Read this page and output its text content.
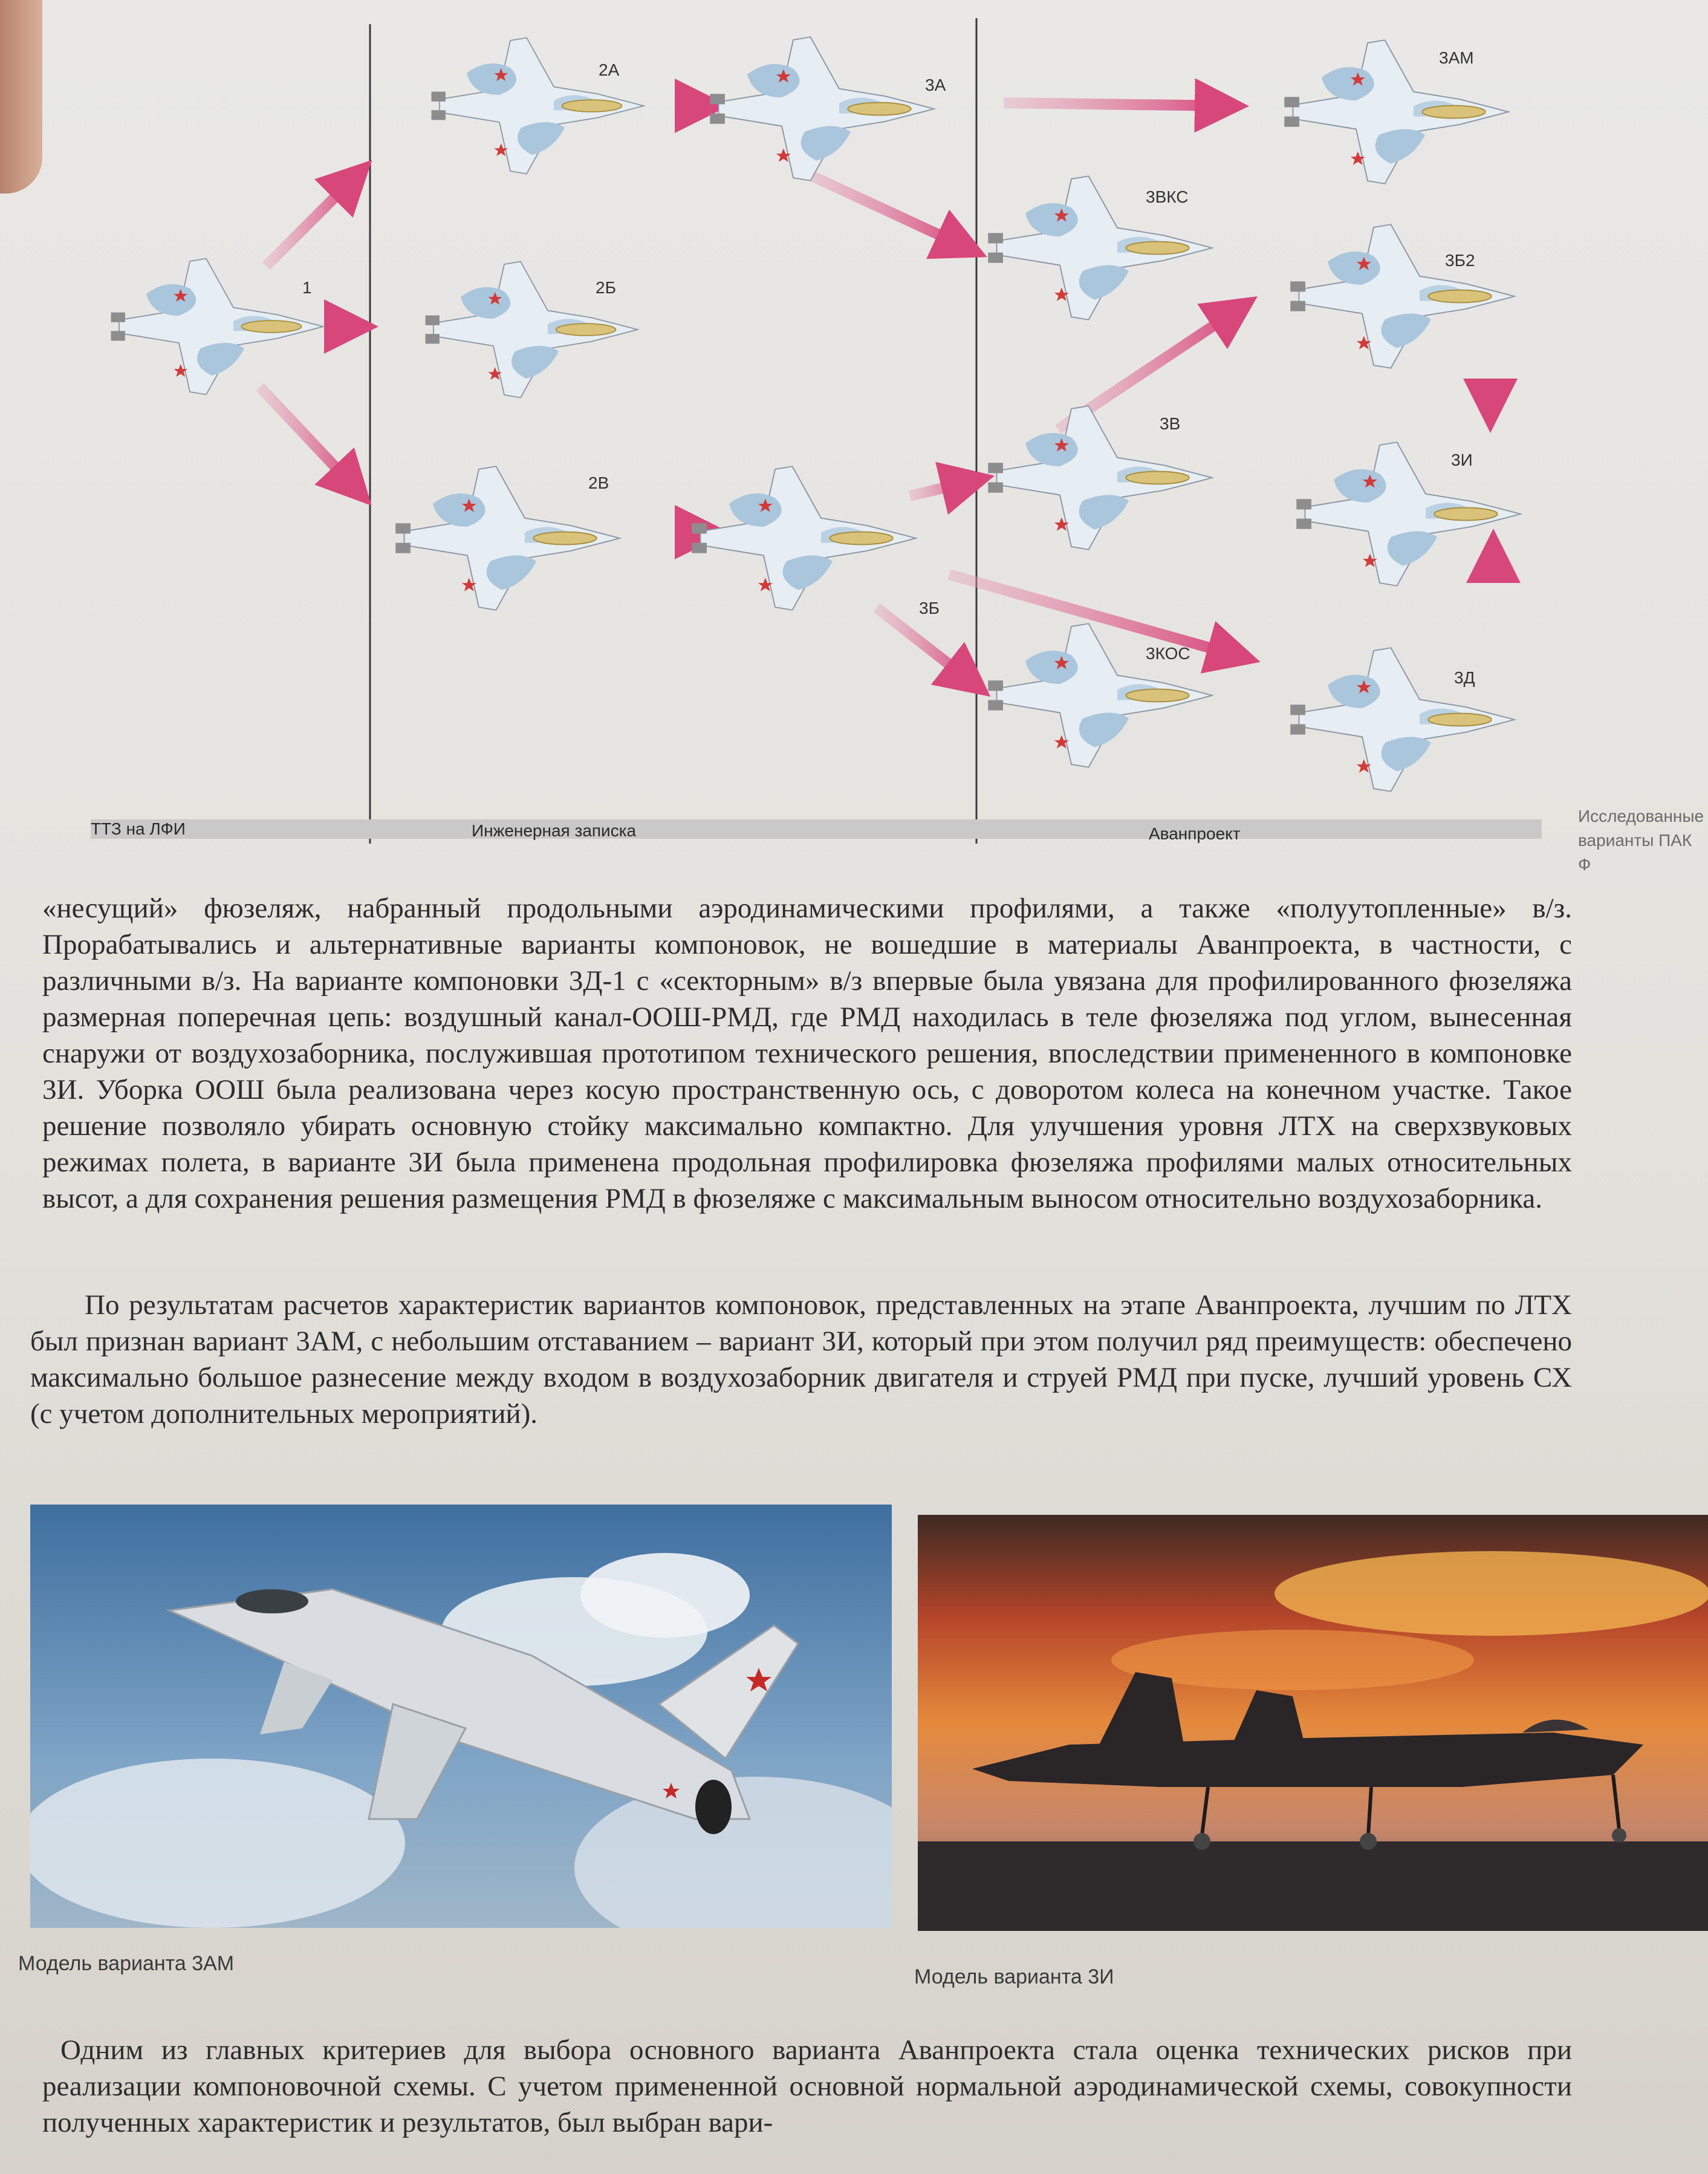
1
2А
2Б
2В
3А
3Б
3АМ
3ВКС
3Б2
3В
3И
3КОС
3Д
ТТЗ на ЛФИ	Инженерная записка	Аванпроект
Исследованные
варианты ПАК Ф

«несущий» фюзеляж, набранный продольными аэродинамическими профилями, а также «полуутопленные» в/з. Прорабатывались и альтернативные варианты компоновок, не вошедшие в материалы Аванпроекта, в частности, с различными в/з. На варианте компоновки 3Д-1 с «секторным» в/з впервые была увязана для профилированного фюзеляжа размерная поперечная цепь: воздушный канал-ООШ-РМД, где РМД находилась в теле фюзеляжа под углом, вынесенная снаружи от воздухозаборника, послужившая прототипом технического решения, впоследствии примененного в компоновке 3И. Уборка ООШ была реализована через косую пространственную ось, с доворотом колеса на конечном участке. Такое решение позволяло убирать основную стойку максимально компактно. Для улучшения уровня ЛТХ на сверхзвуковых режимах полета, в варианте 3И была применена продольная профилировка фюзеляжа профилями малых относительных высот, а для сохранения решения размещения РМД в фюзеляже с максимальным выносом относительно воздухозаборника.

По результатам расчетов характеристик вариантов компоновок, представленных на этапе Аванпроекта, лучшим по ЛТХ был признан вариант 3АМ, с небольшим отставанием – вариант 3И, который при этом получил ряд преимуществ: обеспечено максимально большое разнесение между входом в воздухозаборник двигателя и струей РМД при пуске, лучший уровень СХ (с учетом дополнительных мероприятий).

Модель варианта 3АМ
Модель варианта 3И

Одним из главных критериев для выбора основного варианта Аванпроекта стала оценка технических рисков при реализации компоновочной схемы. С учетом примененной основной нормальной аэродинамической схемы, совокупности полученных характеристик и результатов, был выбран вари-
